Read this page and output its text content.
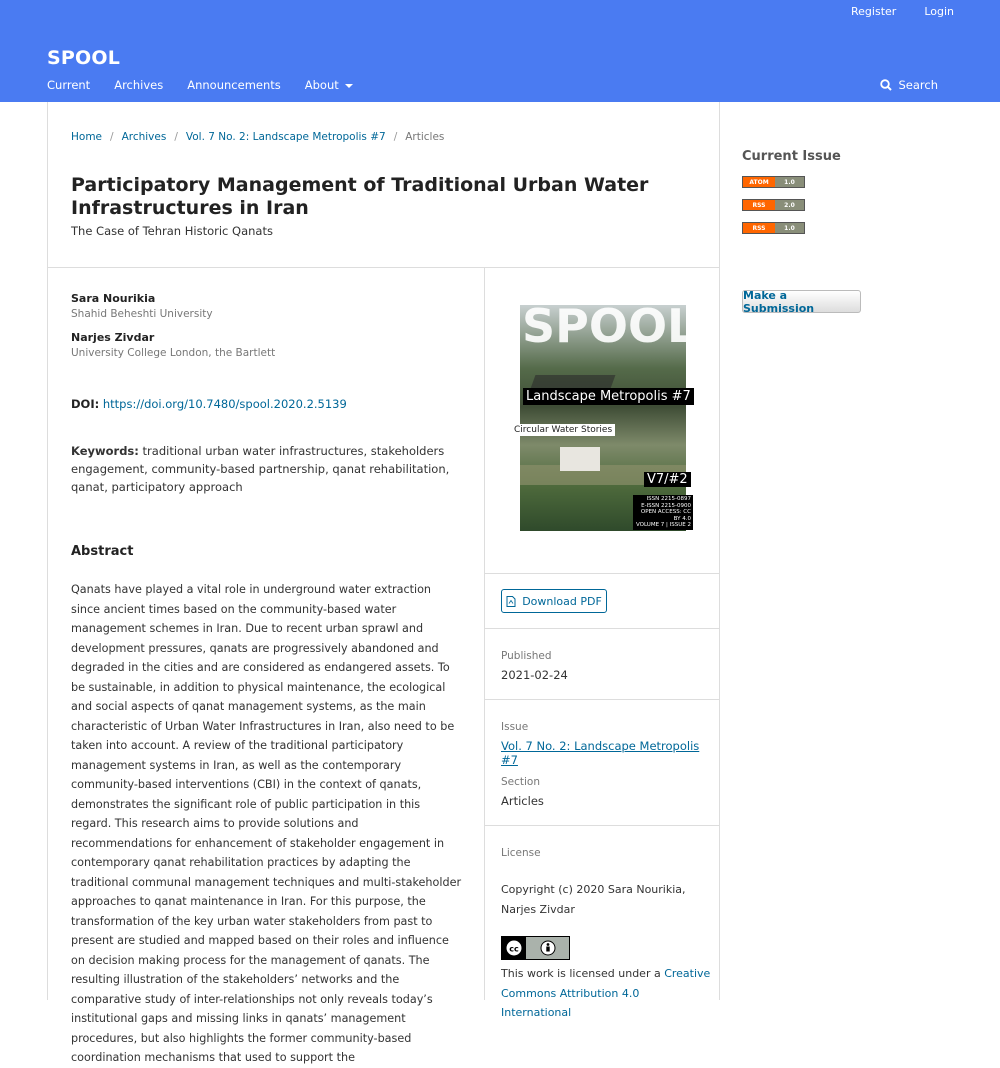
Register	Login
SPOOL
Current Archives Announcements About	Search
Home / Archives / Vol. 7 No. 2: Landscape Metropolis #7 / Articles
Participatory Management of Traditional Urban Water Infrastructures in Iran
The Case of Tehran Historic Qanats
Sara Nourikia
Shahid Beheshti University
Narjes Zivdar
University College London, the Bartlett
DOI: https://doi.org/10.7480/spool.2020.2.5139
Keywords: traditional urban water infrastructures, stakeholders engagement, community-based partnership, qanat rehabilitation, qanat, participatory approach
Abstract
Qanats have played a vital role in underground water extraction since ancient times based on the community-based water management schemes in Iran. Due to recent urban sprawl and development pressures, qanats are progressively abandoned and degraded in the cities and are considered as endangered assets. To be sustainable, in addition to physical maintenance, the ecological and social aspects of qanat management systems, as the main characteristic of Urban Water Infrastructures in Iran, also need to be taken into account. A review of the traditional participatory management systems in Iran, as well as the contemporary community-based interventions (CBI) in the context of qanats, demonstrates the significant role of public participation in this regard. This research aims to provide solutions and recommendations for enhancement of stakeholder engagement in contemporary qanat rehabilitation practices by adapting the traditional communal management techniques and multi-stakeholder approaches to qanat maintenance in Iran. For this purpose, the transformation of the key urban water stakeholders from past to present are studied and mapped based on their roles and influence on decision making process for the management of qanats. The resulting illustration of the stakeholders’ networks and the comparative study of inter-relationships not only reveals today’s institutional gaps and missing links in qanats’ management procedures, but also highlights the former community-based coordination mechanisms that used to support the
SPOOL
Landscape Metropolis #7
Circular Water Stories
V7/#2
ISSN 2215-0897
E-ISSN 2215-0900
OPEN ACCESS: CC BY 4.0
VOLUME 7 | ISSUE 2
Download PDF
Published
2021-02-24
Issue
Vol. 7 No. 2: Landscape Metropolis #7
Section
Articles
License
Copyright (c) 2020 Sara Nourikia, Narjes Zivdar
cc
This work is licensed under a Creative Commons Attribution 4.0 International
Current Issue
ATOM	1.0
RSS	2.0
RSS	1.0
Make a Submission
